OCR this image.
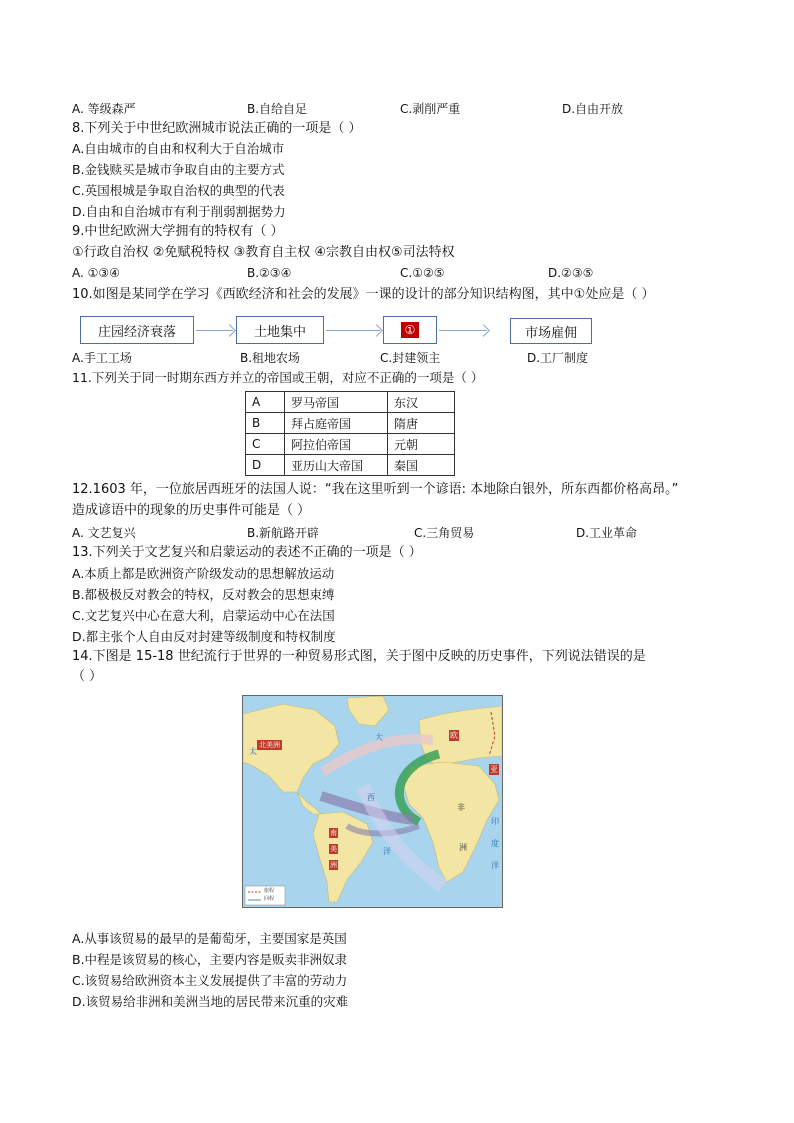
A. 等级森严	B.自给自足	C.剥削严重	D.自由开放
8.下列关于中世纪欧洲城市说法正确的一项是（ ）
A.自由城市的自由和权利大于自治城市
B.金钱赎买是城市争取自由的主要方式
C.英国根城是争取自治权的典型的代表
D.自由和自治城市有利于削弱割据势力
9.中世纪欧洲大学拥有的特权有（ ）
①行政自治权 ②免赋税特权 ③教育自主权 ④宗教自由权⑤司法特权
A. ①③④	B.②③④	C.①②⑤	D.②③⑤
10.如图是某同学在学习《西欧经济和社会的发展》一课的设计的部分知识结构图，其中①处应是（ ）
庄园经济衰落	土地集中	①	市场雇佣
A.手工工场	B.租地农场	C.封建领主	D.工厂制度
11.下列关于同一时期东西方并立的帝国或王朝，对应不正确的一项是（ ）
A	罗马帝国	东汉
B	拜占庭帝国	隋唐
C	阿拉伯帝国	元朝
D	亚历山大帝国	秦国
12.1603 年，一位旅居西班牙的法国人说：“我在这里听到一个谚语: 本地除白银外，所东西都价格高昂。”
造成谚语中的现象的历史事件可能是（ ）
A. 文艺复兴	B.新航路开辟	C.三角贸易	D.工业革命
13.下列关于文艺复兴和启蒙运动的表述不正确的一项是（ ）
A.本质上都是欧洲资产阶级发动的思想解放运动
B.都极极反对教会的特权，反对教会的思想束缚
C.文艺复兴中心在意大利，启蒙运动中心在法国
D.都主张个人自由反对封建等级制度和特权制度
14.下图是 15-18 世纪流行于世界的一种贸易形式图，关于图中反映的历史事件，下列说法错误的是
（ ）
北美洲
南
美
洲
非
洲
欧
亚
太
大
西
洋
印
度
洋
旅程
回程
A.从事该贸易的最早的是葡萄牙，主要国家是英国
B.中程是该贸易的核心，主要内容是贩卖非洲奴隶
C.该贸易给欧洲资本主义发展提供了丰富的劳动力
D.该贸易给非洲和美洲当地的居民带来沉重的灾难
